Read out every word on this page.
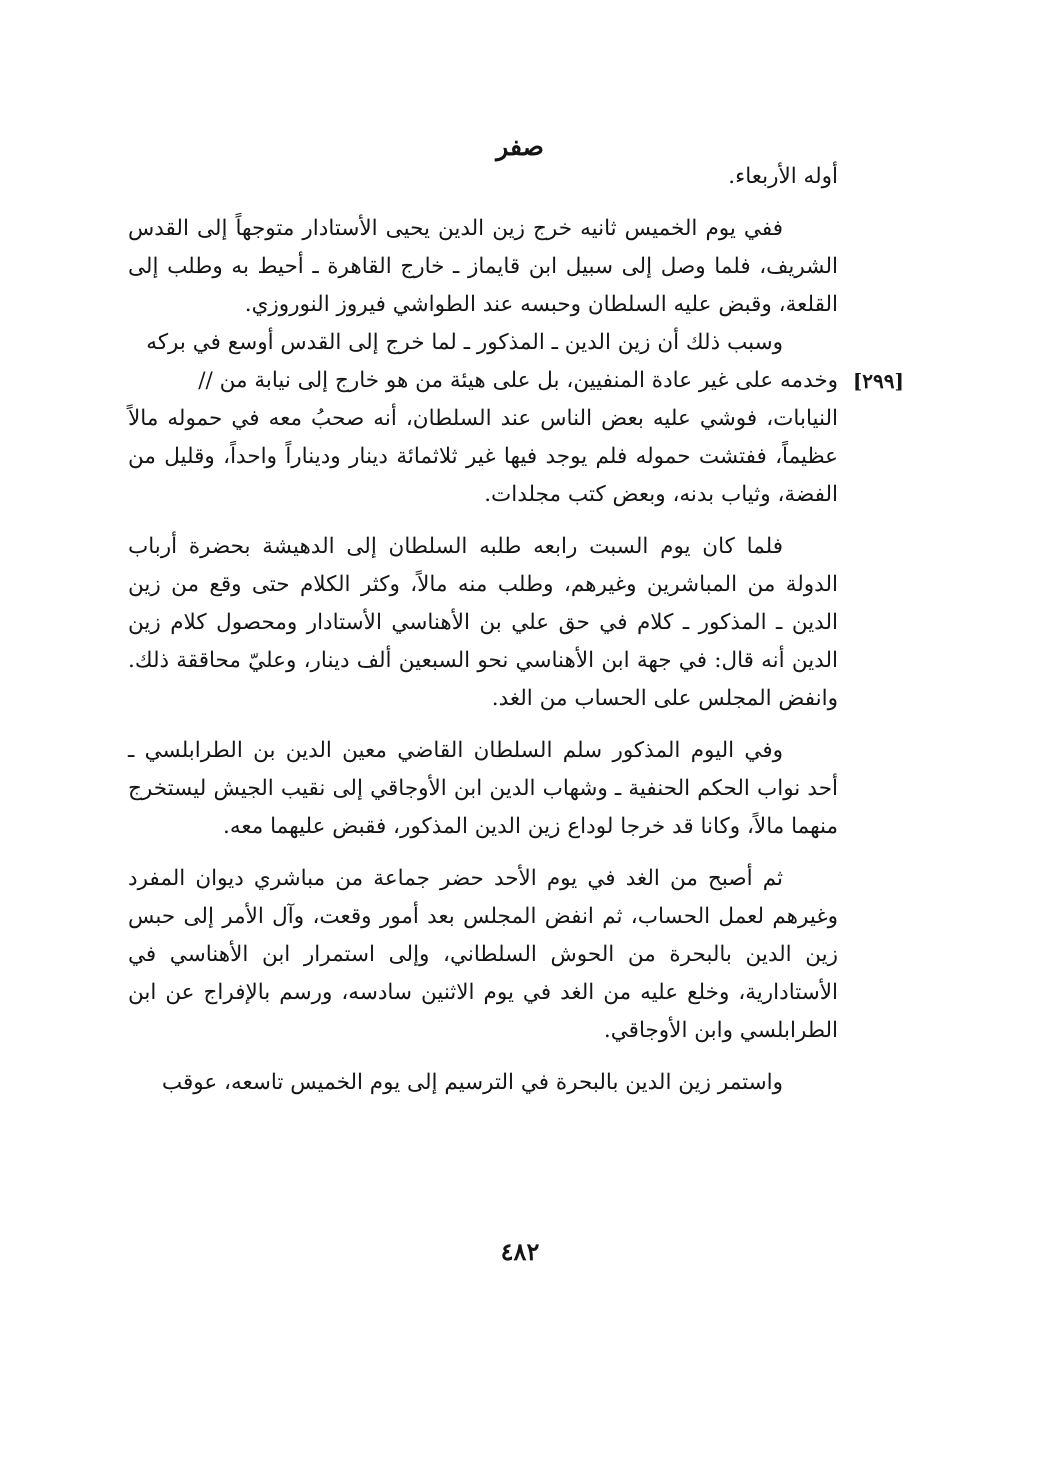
صفر

أوله الأربعاء.

ففي يوم الخميس ثانيه خرج زين الدين يحيى الأستادار متوجهاً إلى القدس الشريف، فلما وصل إلى سبيل ابن قايماز ـ خارج القاهرة ـ أحيط به وطلب إلى القلعة، وقبض عليه السلطان وحبسه عند الطواشي فيروز النوروزي.

وسبب ذلك أن زين الدين ـ المذكور ـ لما خرج إلى القدس أوسع في بركه

[٢٩٩]

وخدمه على غير عادة المنفيين، بل على هيئة من هو خارج إلى نيابة من //

النيابات، فوشي عليه بعض الناس عند السلطان، أنه صحبُ معه في حموله مالاً عظيماً، ففتشت حموله فلم يوجد فيها غير ثلاثمائة دينار وديناراً واحداً، وقليل من الفضة، وثياب بدنه، وبعض كتب مجلدات.

فلما كان يوم السبت رابعه طلبه السلطان إلى الدهيشة بحضرة أرباب الدولة من المباشرين وغيرهم، وطلب منه مالاً، وكثر الكلام حتى وقع من زين الدين ـ المذكور ـ كلام في حق علي بن الأهناسي الأستادار ومحصول كلام زين الدين أنه قال: في جهة ابن الأهناسي نحو السبعين ألف دينار، وعليّ محاققة ذلك. وانفض المجلس على الحساب من الغد.

وفي اليوم المذكور سلم السلطان القاضي معين الدين بن الطرابلسي ـ أحد نواب الحكم الحنفية ـ وشهاب الدين ابن الأوجاقي إلى نقيب الجيش ليستخرج منهما مالاً، وكانا قد خرجا لوداع زين الدين المذكور، فقبض عليهما معه.

ثم أصبح من الغد في يوم الأحد حضر جماعة من مباشري ديوان المفرد وغيرهم لعمل الحساب، ثم انفض المجلس بعد أمور وقعت، وآل الأمر إلى حبس زين الدين بالبحرة من الحوش السلطاني، وإلى استمرار ابن الأهناسي في الأستادارية، وخلع عليه من الغد في يوم الاثنين سادسه، ورسم بالإفراج عن ابن الطرابلسي وابن الأوجاقي.

واستمر زين الدين بالبحرة في الترسيم إلى يوم الخميس تاسعه، عوقب

٤٨٢
